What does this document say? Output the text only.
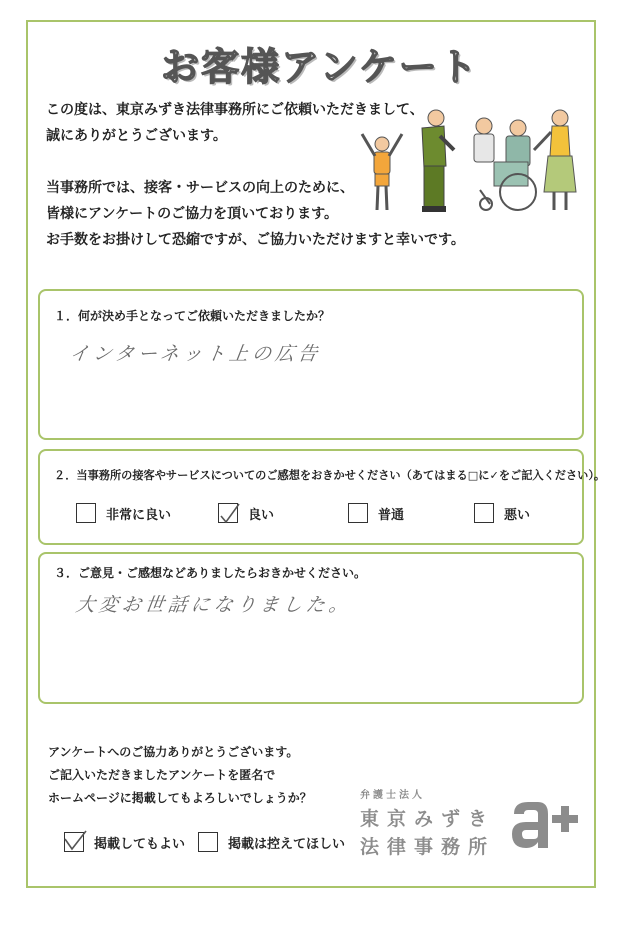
お客様アンケート
この度は、東京みずき法律事務所にご依頼いただきまして、
誠にありがとうございます。
当事務所では、接客・サービスの向上のために、
皆様にアンケートのご協力を頂いております。
お手数をお掛けして恐縮ですが、ご協力いただけますと幸いです。
１．何が決め手となってご依頼いただきましたか？
インターネット上の広告
２．当事務所の接客やサービスについてのご感想をおきかせください（あてはまる□に✓をご記入ください）。
非常に良い	良い	普通	悪い
３．ご意見・ご感想などありましたらおきかせください。
大変お世話になりました。
アンケートへのご協力ありがとうございます。
ご記入いただきましたアンケートを匿名で
ホームページに掲載してもよろしいでしょうか？
掲載してもよい	掲載は控えてほしい
弁護士法人
東京みずき
法律事務所
